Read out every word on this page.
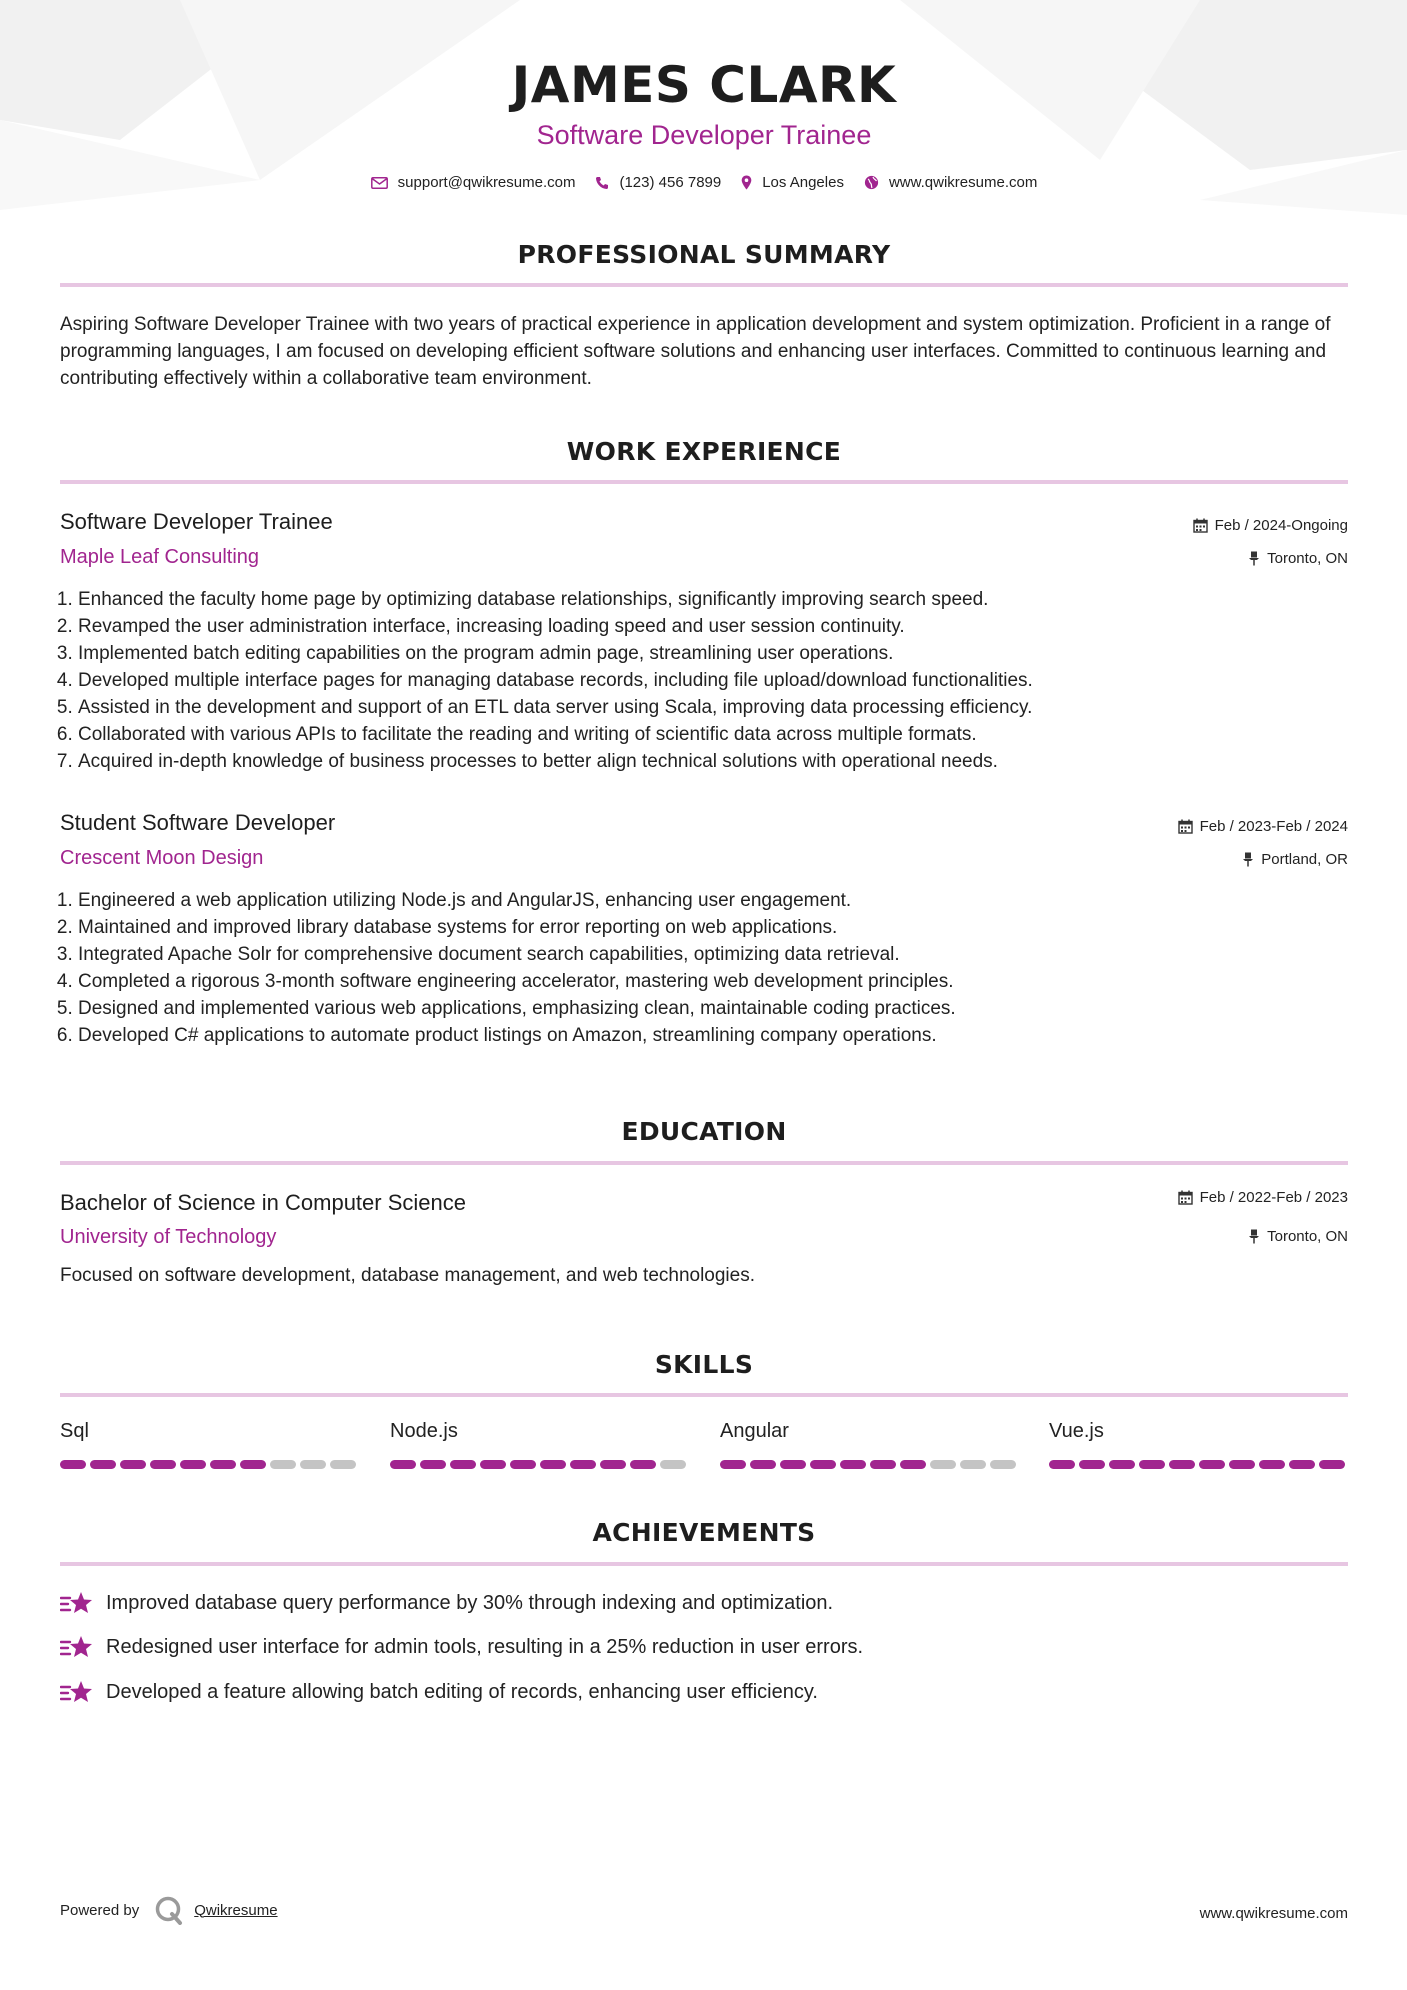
JAMES CLARK
Software Developer Trainee
support@qwikresume.com	(123) 456 7899	Los Angeles	www.qwikresume.com
PROFESSIONAL SUMMARY
Aspiring Software Developer Trainee with two years of practical experience in application development and system optimization. Proficient in a range of programming languages, I am focused on developing efficient software solutions and enhancing user interfaces. Committed to continuous learning and contributing effectively within a collaborative team environment.
WORK EXPERIENCE
Software Developer Trainee	Feb / 2024-Ongoing
Maple Leaf Consulting	Toronto, ON
1. Enhanced the faculty home page by optimizing database relationships, significantly improving search speed.
2. Revamped the user administration interface, increasing loading speed and user session continuity.
3. Implemented batch editing capabilities on the program admin page, streamlining user operations.
4. Developed multiple interface pages for managing database records, including file upload/download functionalities.
5. Assisted in the development and support of an ETL data server using Scala, improving data processing efficiency.
6. Collaborated with various APIs to facilitate the reading and writing of scientific data across multiple formats.
7. Acquired in-depth knowledge of business processes to better align technical solutions with operational needs.
Student Software Developer	Feb / 2023-Feb / 2024
Crescent Moon Design	Portland, OR
1. Engineered a web application utilizing Node.js and AngularJS, enhancing user engagement.
2. Maintained and improved library database systems for error reporting on web applications.
3. Integrated Apache Solr for comprehensive document search capabilities, optimizing data retrieval.
4. Completed a rigorous 3-month software engineering accelerator, mastering web development principles.
5. Designed and implemented various web applications, emphasizing clean, maintainable coding practices.
6. Developed C# applications to automate product listings on Amazon, streamlining company operations.
EDUCATION
Bachelor of Science in Computer Science	Feb / 2022-Feb / 2023
University of Technology	Toronto, ON
Focused on software development, database management, and web technologies.
SKILLS
Sql	Node.js	Angular	Vue.js
ACHIEVEMENTS
Improved database query performance by 30% through indexing and optimization.
Redesigned user interface for admin tools, resulting in a 25% reduction in user errors.
Developed a feature allowing batch editing of records, enhancing user efficiency.
Powered by	Qwikresume	www.qwikresume.com
